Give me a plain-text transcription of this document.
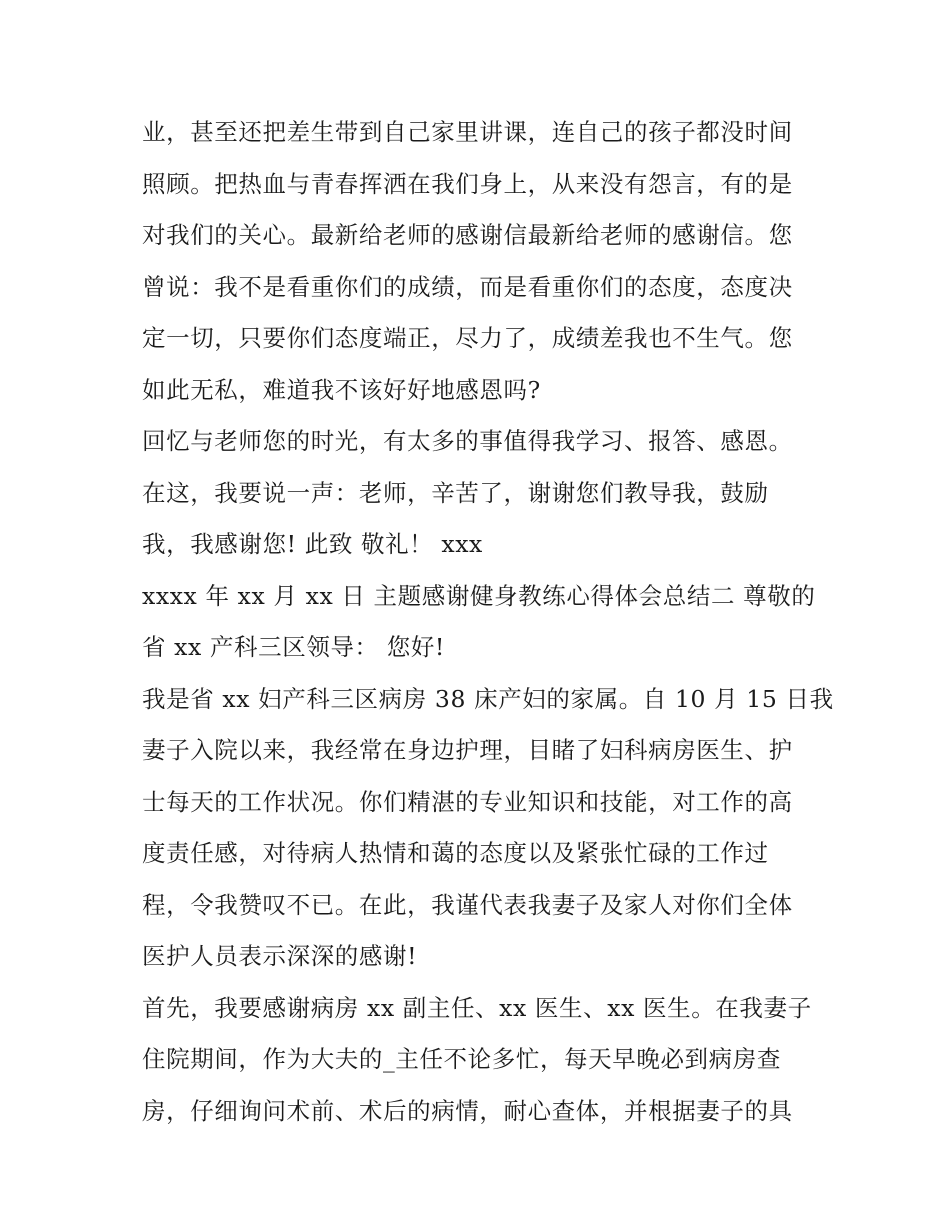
业，甚至还把差生带到自己家里讲课，连自己的孩子都没时间
照顾。把热血与青春挥洒在我们身上，从来没有怨言，有的是
对我们的关心。最新给老师的感谢信最新给老师的感谢信。您
曾说：我不是看重你们的成绩，而是看重你们的态度，态度决
定一切，只要你们态度端正，尽力了，成绩差我也不生气。您
如此无私，难道我不该好好地感恩吗?
回忆与老师您的时光，有太多的事值得我学习、报答、感恩。
在这，我要说一声：老师，辛苦了，谢谢您们教导我，鼓励
我，我感谢您! 此致 敬礼！ xxx
xxxx 年 xx 月 xx 日 主题感谢健身教练心得体会总结二 尊敬的
省 xx 产科三区领导： 您好!
我是省 xx 妇产科三区病房 38 床产妇的家属。自 10 月 15 日我
妻子入院以来，我经常在身边护理，目睹了妇科病房医生、护
士每天的工作状况。你们精湛的专业知识和技能，对工作的高
度责任感，对待病人热情和蔼的态度以及紧张忙碌的工作过
程，令我赞叹不已。在此，我谨代表我妻子及家人对你们全体
医护人员表示深深的感谢!
首先，我要感谢病房 xx 副主任、xx 医生、xx 医生。在我妻子
住院期间，作为大夫的_主任不论多忙，每天早晚必到病房查
房，仔细询问术前、术后的病情，耐心查体，并根据妻子的具
